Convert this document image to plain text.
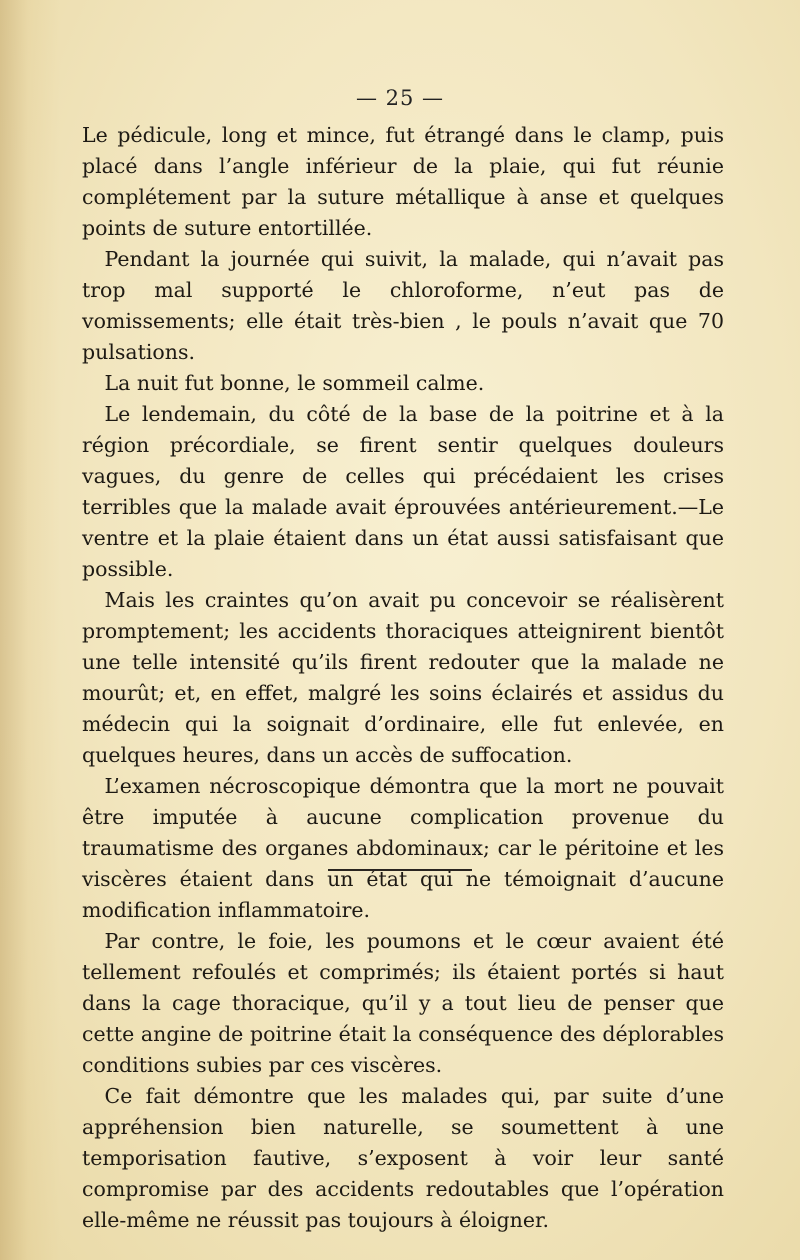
— 25 —

Le pédicule, long et mince, fut étrangé dans le clamp, puis placé dans l’angle inférieur de la plaie, qui fut réunie complétement par la suture métallique à anse et quelques points de suture entortillée.

Pendant la journée qui suivit, la malade, qui n’avait pas trop mal supporté le chloroforme, n’eut pas de vomissements; elle était très-bien , le pouls n’avait que 70 pulsations.

La nuit fut bonne, le sommeil calme.

Le lendemain, du côté de la base de la poitrine et à la région précordiale, se firent sentir quelques douleurs vagues, du genre de celles qui précédaient les crises terribles que la malade avait éprouvées antérieurement.—Le ventre et la plaie étaient dans un état aussi satisfaisant que possible.

Mais les craintes qu’on avait pu concevoir se réalisèrent promptement; les accidents thoraciques atteignirent bientôt une telle intensité qu’ils firent redouter que la malade ne mourût; et, en effet, malgré les soins éclairés et assidus du médecin qui la soignait d’ordinaire, elle fut enlevée, en quelques heures, dans un accès de suffocation.

L’examen nécroscopique démontra que la mort ne pouvait être imputée à aucune complication provenue du traumatisme des organes abdominaux; car le péritoine et les viscères étaient dans un état qui ne témoignait d’aucune modification inflammatoire.

Par contre, le foie, les poumons et le cœur avaient été tellement refoulés et comprimés; ils étaient portés si haut dans la cage thoracique, qu’il y a tout lieu de penser que cette angine de poitrine était la conséquence des déplorables conditions subies par ces viscères.

Ce fait démontre que les malades qui, par suite d’une appréhension bien naturelle, se soumettent à une temporisation fautive, s’exposent à voir leur santé compromise par des accidents redoutables que l’opération elle-même ne réussit pas toujours à éloigner.
